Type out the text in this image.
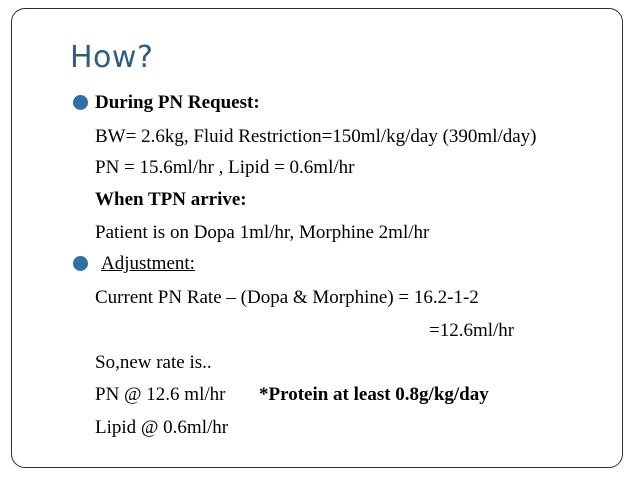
How?
During PN Request:
BW= 2.6kg, Fluid Restriction=150ml/kg/day (390ml/day)
PN = 15.6ml/hr , Lipid = 0.6ml/hr
When TPN arrive:
Patient is on Dopa 1ml/hr, Morphine 2ml/hr
Adjustment:
Current PN Rate – (Dopa & Morphine) = 16.2-1-2
=12.6ml/hr
So,new rate is..
PN @ 12.6 ml/hr *Protein at least 0.8g/kg/day
Lipid @ 0.6ml/hr
